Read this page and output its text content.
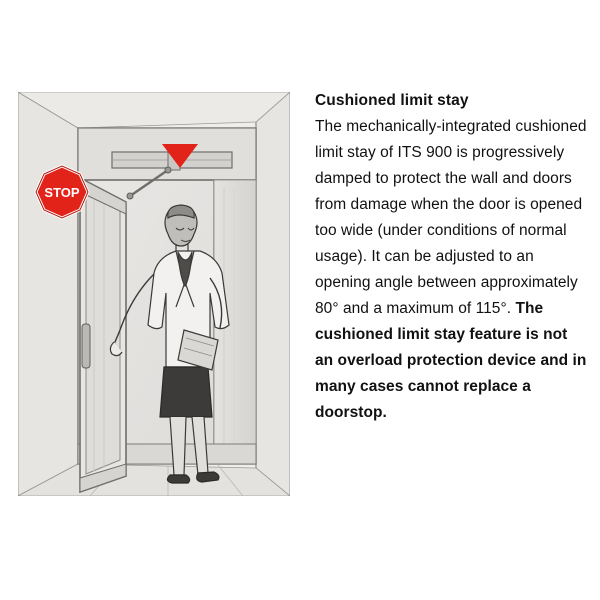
STOP
Cushioned limit stay
The mechanically-integrated cushioned limit stay of ITS 900 is progressively damped to protect the wall and doors from damage when the door is opened too wide (under conditions of normal usage). It can be adjusted to an opening angle between approximately 80° and a maximum of 115°. The cushioned limit stay feature is not an overload protection device and in many cases cannot replace a doorstop.
